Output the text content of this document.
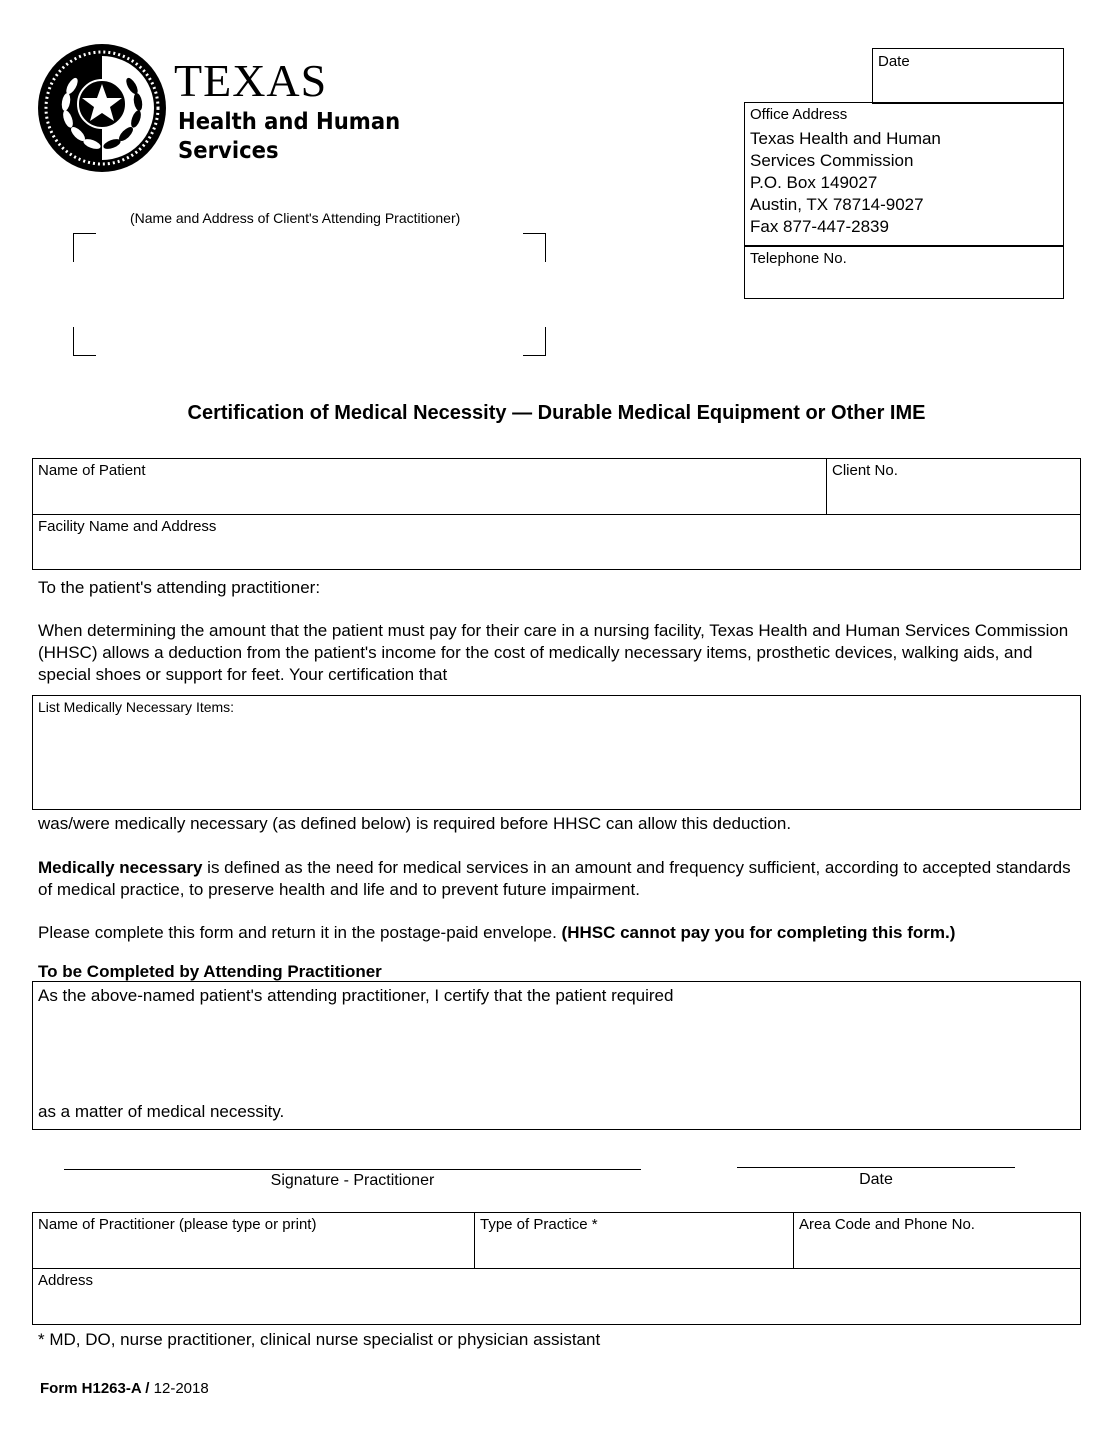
TEXAS
Health and Human
Services
Date
Office Address
Texas Health and Human
Services Commission
P.O. Box 149027
Austin, TX 78714-9027
Fax 877-447-2839
Telephone No.
(Name and Address of Client's Attending Practitioner)
Certification of Medical Necessity — Durable Medical Equipment or Other IME
Name of Patient	Client No.
Facility Name and Address
To the patient's attending practitioner:
When determining the amount that the patient must pay for their care in a nursing facility, Texas Health and Human Services Commission (HHSC) allows a deduction from the patient's income for the cost of medically necessary items, prosthetic devices, walking aids, and special shoes or support for feet. Your certification that
List Medically Necessary Items:
was/were medically necessary (as defined below) is required before HHSC can allow this deduction.
Medically necessary is defined as the need for medical services in an amount and frequency sufficient, according to accepted standards of medical practice, to preserve health and life and to prevent future impairment.
Please complete this form and return it in the postage-paid envelope. (HHSC cannot pay you for completing this form.)
To be Completed by Attending Practitioner
As the above-named patient's attending practitioner, I certify that the patient required
as a matter of medical necessity.
Signature - Practitioner	Date
Name of Practitioner (please type or print)	Type of Practice *	Area Code and Phone No.
Address
* MD, DO, nurse practitioner, clinical nurse specialist or physician assistant
Form H1263-A / 12-2018
